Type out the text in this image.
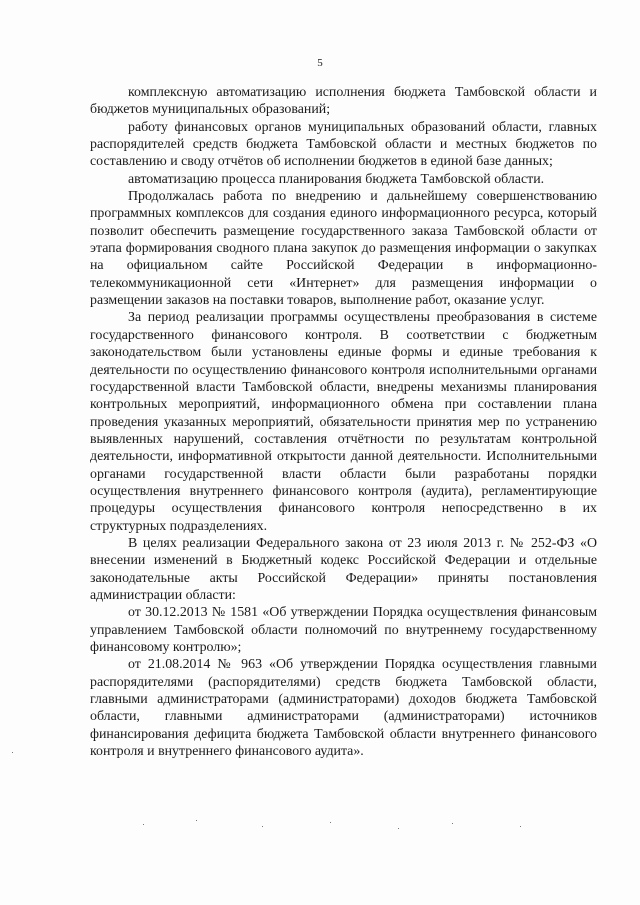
5

комплексную автоматизацию исполнения бюджета Тамбовской области и бюджетов муниципальных образований;

работу финансовых органов муниципальных образований области, главных распорядителей средств бюджета Тамбовской области и местных бюджетов по составлению и своду отчётов об исполнении бюджетов в единой базе данных;

автоматизацию процесса планирования бюджета Тамбовской области.

Продолжалась работа по внедрению и дальнейшему совершенствованию программных комплексов для создания единого информационного ресурса, который позволит обеспечить размещение государственного заказа Тамбовской области от этапа формирования сводного плана закупок до размещения информации о закупках на официальном сайте Российской Федерации в информационно-телекоммуникационной сети «Интернет» для размещения информации о размещении заказов на поставки товаров, выполнение работ, оказание услуг.

За период реализации программы осуществлены преобразования в системе государственного финансового контроля. В соответствии с бюджетным законодательством были установлены единые формы и единые требования к деятельности по осуществлению финансового контроля исполнительными органами государственной власти Тамбовской области, внедрены механизмы планирования контрольных мероприятий, информационного обмена при составлении плана проведения указанных мероприятий, обязательности принятия мер по устранению выявленных нарушений, составления отчётности по результатам контрольной деятельности, информативной открытости данной деятельности. Исполнительными органами государственной власти области были разработаны порядки осуществления внутреннего финансового контроля (аудита), регламентирующие процедуры осуществления финансового контроля непосредственно в их структурных подразделениях.

В целях реализации Федерального закона от 23 июля 2013 г. № 252-ФЗ «О внесении изменений в Бюджетный кодекс Российской Федерации и отдельные законодательные акты Российской Федерации» приняты постановления администрации области:

от 30.12.2013 № 1581 «Об утверждении Порядка осуществления финансовым управлением Тамбовской области полномочий по внутреннему государственному финансовому контролю»;

от 21.08.2014 № 963 «Об утверждении Порядка осуществления главными распорядителями (распорядителями) средств бюджета Тамбовской области, главными администраторами (администраторами) доходов бюджета Тамбовской области, главными администраторами (администраторами) источников финансирования дефицита бюджета Тамбовской области внутреннего финансового контроля и внутреннего финансового аудита».
